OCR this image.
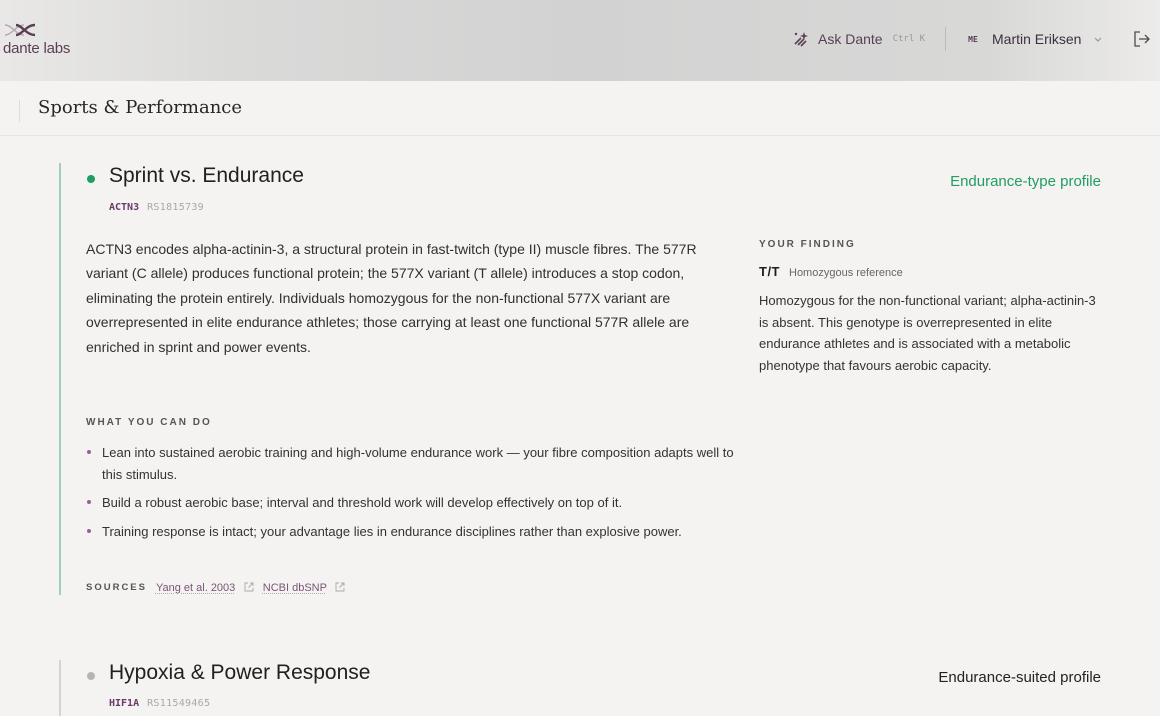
dante labs
Ask Dante Ctrl K	ME	Martin Eriksen
Sports & Performance
Sprint vs. Endurance
ACTN3 RS1815739
Endurance-type profile
ACTN3 encodes alpha-actinin-3, a structural protein in fast-twitch (type II) muscle fibres. The 577R variant (C allele) produces functional protein; the 577X variant (T allele) introduces a stop codon, eliminating the protein entirely. Individuals homozygous for the non-functional 577X variant are overrepresented in elite endurance athletes; those carrying at least one functional 577R allele are enriched in sprint and power events.
YOUR FINDING
T/T Homozygous reference
Homozygous for the non-functional variant; alpha-actinin-3 is absent. This genotype is overrepresented in elite endurance athletes and is associated with a metabolic phenotype that favours aerobic capacity.
WHAT YOU CAN DO
Lean into sustained aerobic training and high-volume endurance work — your fibre composition adapts well to this stimulus.
Build a robust aerobic base; interval and threshold work will develop effectively on top of it.
Training response is intact; your advantage lies in endurance disciplines rather than explosive power.
SOURCES Yang et al. 2003	NCBI dbSNP
Hypoxia & Power Response
HIF1A RS11549465
Endurance-suited profile
